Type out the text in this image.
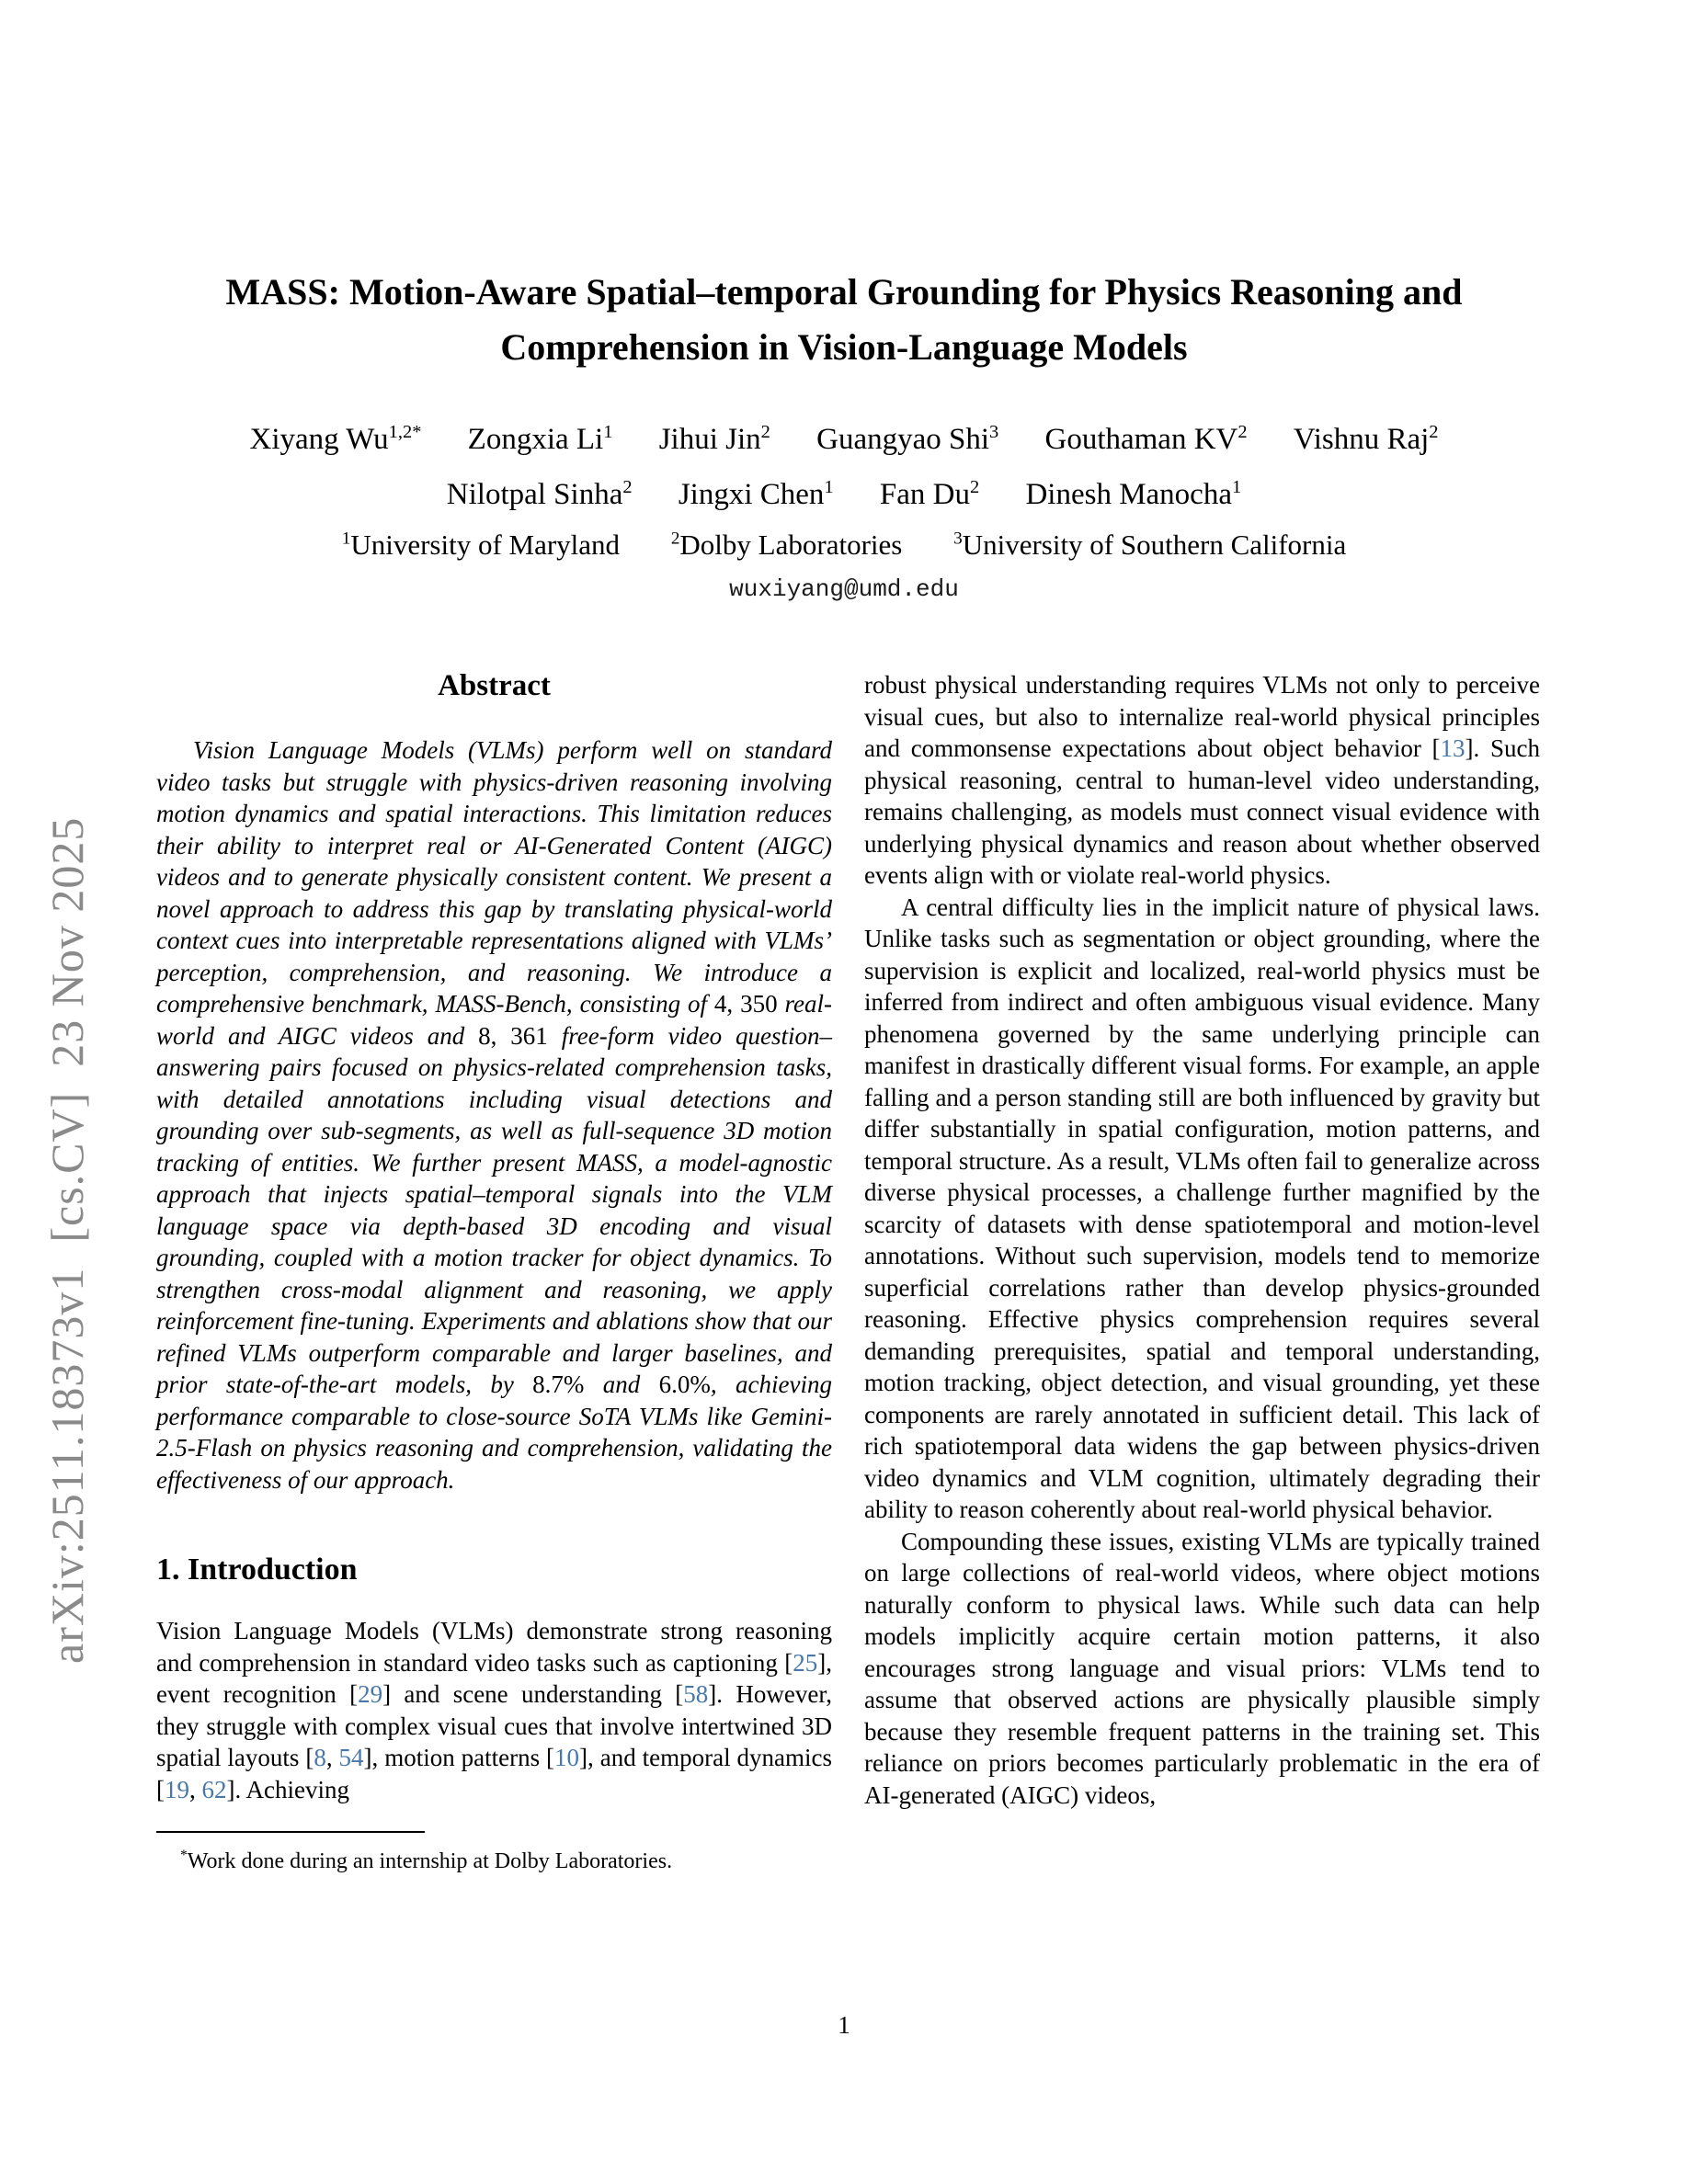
arXiv:2511.18373v1  [cs.CV]  23 Nov 2025
MASS: Motion-Aware Spatial–temporal Grounding for Physics Reasoning and Comprehension in Vision-Language Models
Xiyang $Wu^{1,2*}$ Zongxia Li$^1$ Jihui Jin$^2$ Guangyao Shi$^3$ Gouthaman $KV^2$ Vishnu Raj$^2$
Nilotpal Sinha$^2$ Jingxi Chen$^1$ Fan Du$^2$ Dinesh Manocha$^1$
$^1$University of Maryland	$^2$Dolby Laboratories	$^3$University of Southern California
wuxiyang@umd.edu
Abstract

Vision Language Models (VLMs) perform well on standard video tasks but struggle with physics-driven reasoning involving motion dynamics and spatial interactions. This limitation reduces their ability to interpret real or AI-Generated Content (AIGC) videos and to generate physically consistent content. We present a novel approach to address this gap by translating physical-world context cues into interpretable representations aligned with VLMs’ perception, comprehension, and reasoning. We introduce a comprehensive benchmark, MASS-Bench, consisting of 4, 350 real-world and AIGC videos and 8, 361 free-form video question–answering pairs focused on physics-related comprehension tasks, with detailed annotations including visual detections and grounding over sub-segments, as well as full-sequence 3D motion tracking of entities. We further present MASS, a model-agnostic approach that injects spatial–temporal signals into the VLM language space via depth-based 3D encoding and visual grounding, coupled with a motion tracker for object dynamics. To strengthen cross-modal alignment and reasoning, we apply reinforcement fine-tuning. Experiments and ablations show that our refined VLMs outperform comparable and larger baselines, and prior state-of-the-art models, by 8.7% and 6.0%, achieving performance comparable to close-source SoTA VLMs like Gemini-2.5-Flash on physics reasoning and comprehension, validating the effectiveness of our approach.

1. Introduction

Vision Language Models (VLMs) demonstrate strong reasoning and comprehension in standard video tasks such as captioning [25], event recognition [29] and scene understanding [58]. However, they struggle with complex visual cues that involve intertwined 3D spatial layouts [8, 54], motion patterns [10], and temporal dynamics [19, 62]. Achieving

*Work done during an internship at Dolby Laboratories.

robust physical understanding requires VLMs not only to perceive visual cues, but also to internalize real-world physical principles and commonsense expectations about object behavior [13]. Such physical reasoning, central to human-level video understanding, remains challenging, as models must connect visual evidence with underlying physical dynamics and reason about whether observed events align with or violate real-world physics.

A central difficulty lies in the implicit nature of physical laws. Unlike tasks such as segmentation or object grounding, where the supervision is explicit and localized, real-world physics must be inferred from indirect and often ambiguous visual evidence. Many phenomena governed by the same underlying principle can manifest in drastically different visual forms. For example, an apple falling and a person standing still are both influenced by gravity but differ substantially in spatial configuration, motion patterns, and temporal structure. As a result, VLMs often fail to generalize across diverse physical processes, a challenge further magnified by the scarcity of datasets with dense spatiotemporal and motion-level annotations. Without such supervision, models tend to memorize superficial correlations rather than develop physics-grounded reasoning. Effective physics comprehension requires several demanding prerequisites, spatial and temporal understanding, motion tracking, object detection, and visual grounding, yet these components are rarely annotated in sufficient detail. This lack of rich spatiotemporal data widens the gap between physics-driven video dynamics and VLM cognition, ultimately degrading their ability to reason coherently about real-world physical behavior.

Compounding these issues, existing VLMs are typically trained on large collections of real-world videos, where object motions naturally conform to physical laws. While such data can help models implicitly acquire certain motion patterns, it also encourages strong language and visual priors: VLMs tend to assume that observed actions are physically plausible simply because they resemble frequent patterns in the training set. This reliance on priors becomes particularly problematic in the era of AI-generated (AIGC) videos,

1
